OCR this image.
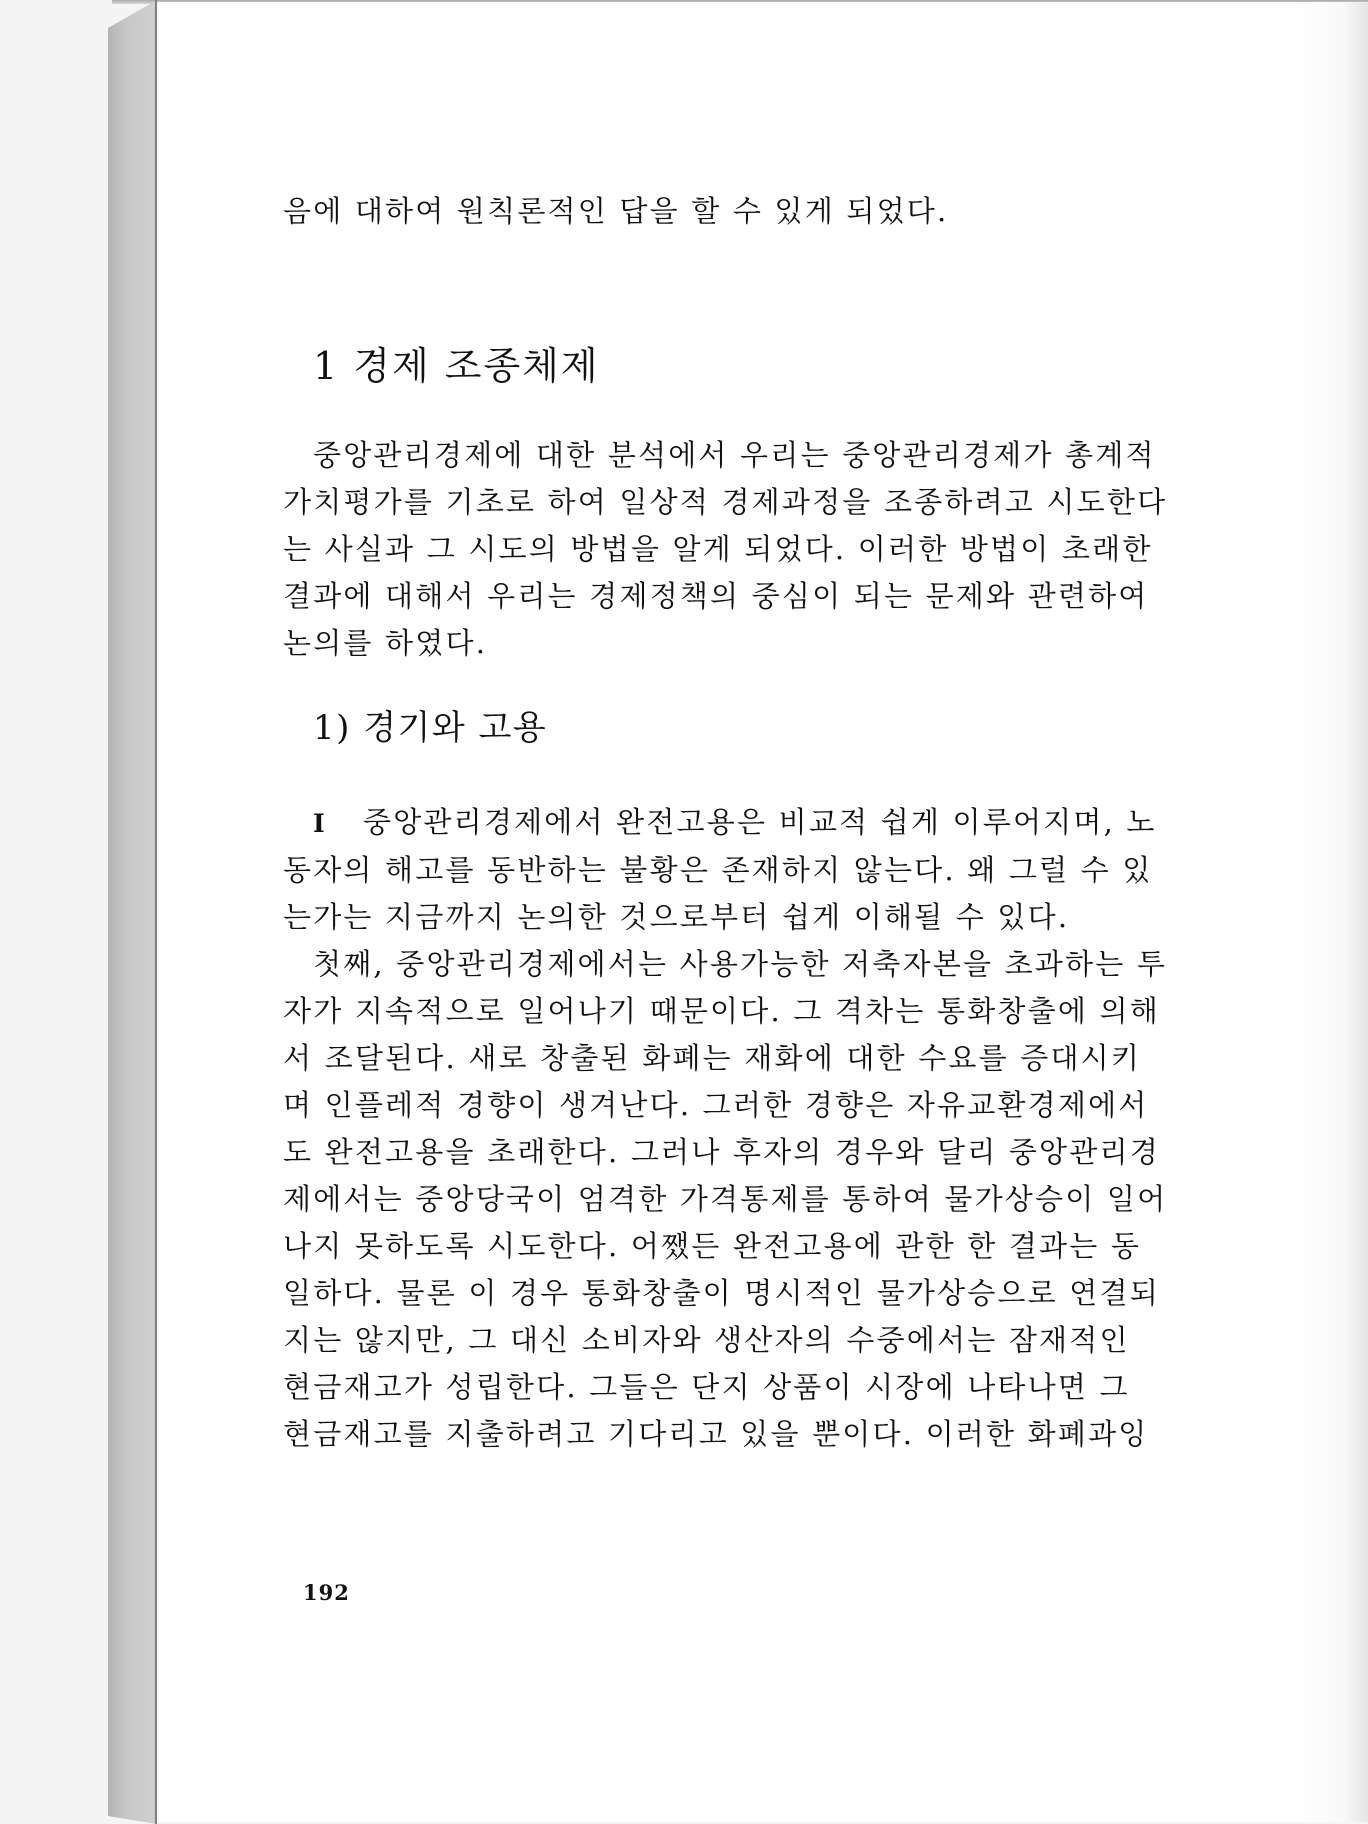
음에 대하여 원칙론적인 답을 할 수 있게 되었다.
1 경제 조종체제
중앙관리경제에 대한 분석에서 우리는 중앙관리경제가 총계적
가치평가를 기초로 하여 일상적 경제과정을 조종하려고 시도한다
는 사실과 그 시도의 방법을 알게 되었다. 이러한 방법이 초래한
결과에 대해서 우리는 경제정책의 중심이 되는 문제와 관련하여
논의를 하였다.
1) 경기와 고용
I 중앙관리경제에서 완전고용은 비교적 쉽게 이루어지며, 노
동자의 해고를 동반하는 불황은 존재하지 않는다. 왜 그럴 수 있
는가는 지금까지 논의한 것으로부터 쉽게 이해될 수 있다.
첫째, 중앙관리경제에서는 사용가능한 저축자본을 초과하는 투
자가 지속적으로 일어나기 때문이다. 그 격차는 통화창출에 의해
서 조달된다. 새로 창출된 화폐는 재화에 대한 수요를 증대시키
며 인플레적 경향이 생겨난다. 그러한 경향은 자유교환경제에서
도 완전고용을 초래한다. 그러나 후자의 경우와 달리 중앙관리경
제에서는 중앙당국이 엄격한 가격통제를 통하여 물가상승이 일어
나지 못하도록 시도한다. 어쨌든 완전고용에 관한 한 결과는 동
일하다. 물론 이 경우 통화창출이 명시적인 물가상승으로 연결되
지는 않지만, 그 대신 소비자와 생산자의 수중에서는 잠재적인
현금재고가 성립한다. 그들은 단지 상품이 시장에 나타나면 그
현금재고를 지출하려고 기다리고 있을 뿐이다. 이러한 화폐과잉
192
